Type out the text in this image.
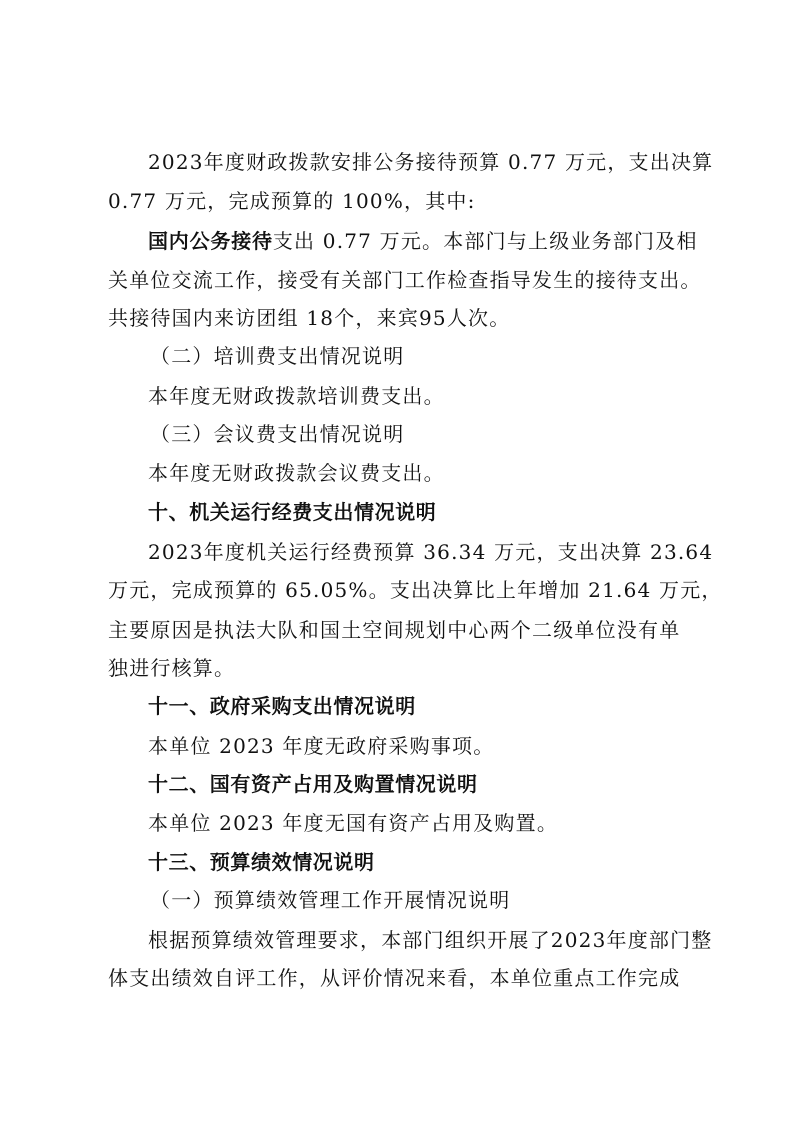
2023年度财政拨款安排公务接待预算 0.77 万元，支出决算
0.77 万元，完成预算的 100%，其中:
国内公务接待支出 0.77 万元。本部门与上级业务部门及相
关单位交流工作，接受有关部门工作检查指导发生的接待支出。
共接待国内来访团组 18个，来宾95人次。
（二）培训费支出情况说明
本年度无财政拨款培训费支出。
（三）会议费支出情况说明
本年度无财政拨款会议费支出。
十、机关运行经费支出情况说明
2023年度机关运行经费预算 36.34 万元，支出决算 23.64
万元，完成预算的 65.05%。支出决算比上年增加 21.64 万元，
主要原因是执法大队和国土空间规划中心两个二级单位没有单
独进行核算。
十一、政府采购支出情况说明
本单位 2023 年度无政府采购事项。
十二、国有资产占用及购置情况说明
本单位 2023 年度无国有资产占用及购置。
十三、预算绩效情况说明
（一）预算绩效管理工作开展情况说明
根据预算绩效管理要求，本部门组织开展了2023年度部门整
体支出绩效自评工作，从评价情况来看，本单位重点工作完成
